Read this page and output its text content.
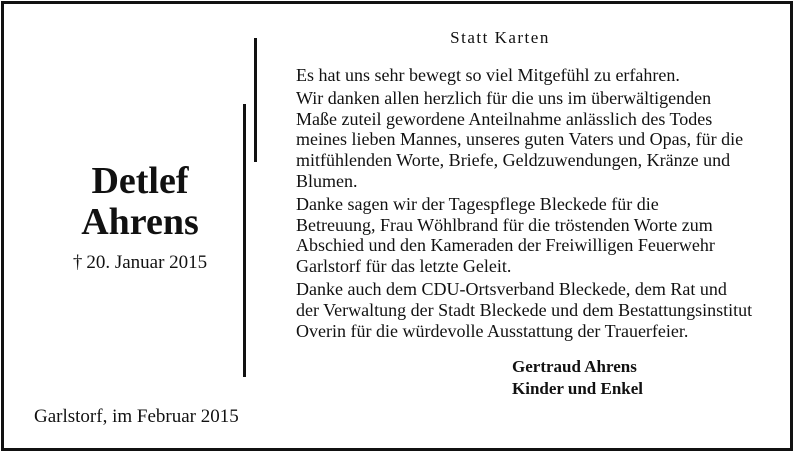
Detlef
Ahrens
† 20. Januar 2015
Garlstorf, im Februar 2015
Statt Karten
Es hat uns sehr bewegt so viel Mitgefühl zu erfahren.
Wir danken allen herzlich für die uns im überwältigenden
Maße zuteil gewordene Anteilnahme anlässlich des Todes
meines lieben Mannes, unseres guten Vaters und Opas, für die
mitfühlenden Worte, Briefe, Geldzuwendungen, Kränze und
Blumen.
Danke sagen wir der Tagespflege Bleckede für die
Betreuung, Frau Wöhlbrand für die tröstenden Worte zum
Abschied und den Kameraden der Freiwilligen Feuerwehr
Garlstorf für das letzte Geleit.
Danke auch dem CDU-Ortsverband Bleckede, dem Rat und
der Verwaltung der Stadt Bleckede und dem Bestattungsinstitut
Overin für die würdevolle Ausstattung der Trauerfeier.
Gertraud Ahrens
Kinder und Enkel
